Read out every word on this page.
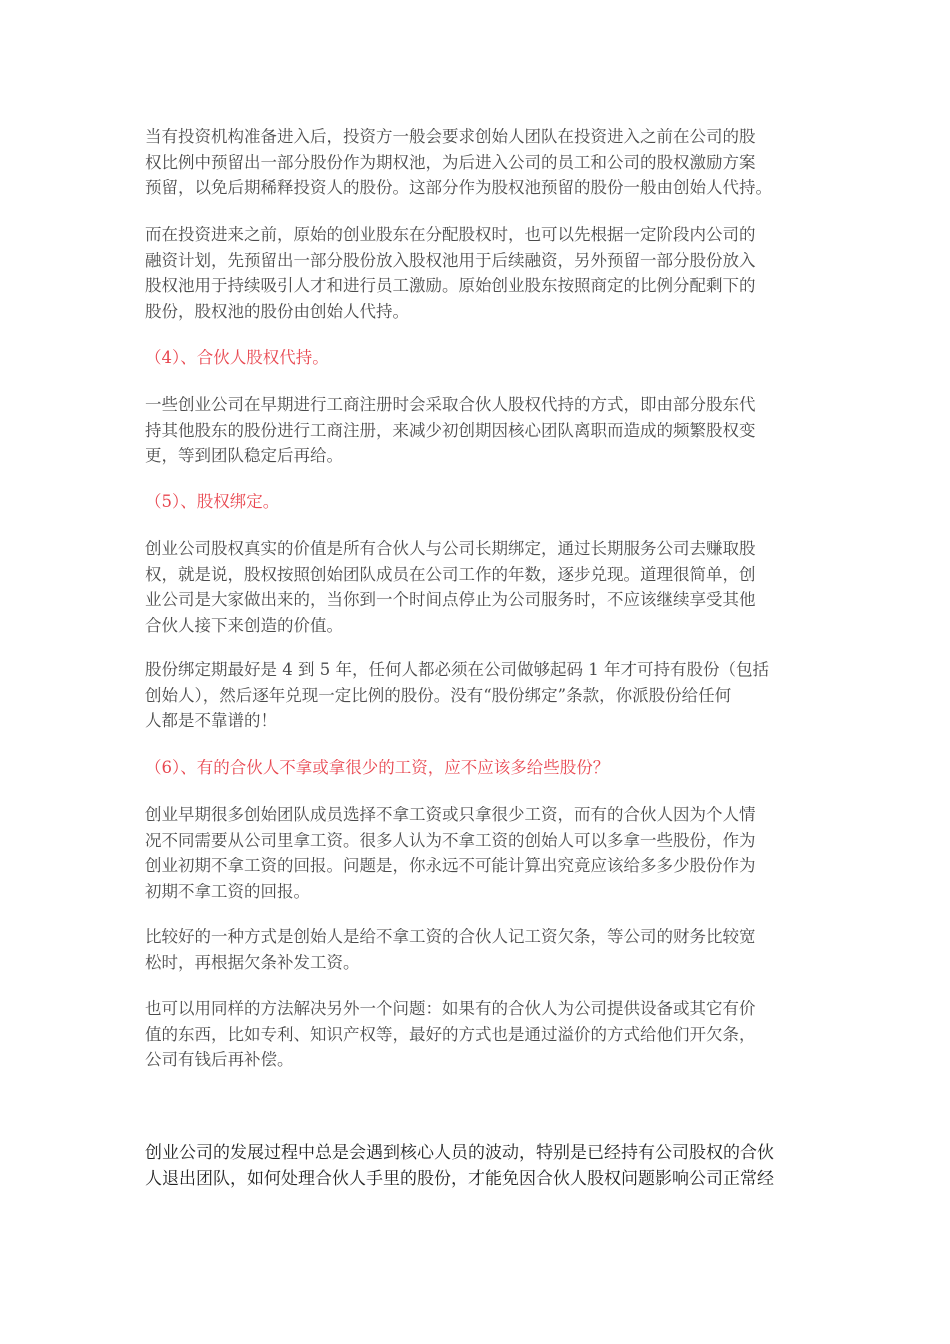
当有投资机构准备进入后，投资方一般会要求创始人团队在投资进入之前在公司的股
权比例中预留出一部分股份作为期权池，为后进入公司的员工和公司的股权激励方案
预留，以免后期稀释投资人的股份。这部分作为股权池预留的股份一般由创始人代持。

而在投资进来之前，原始的创业股东在分配股权时，也可以先根据一定阶段内公司的
融资计划，先预留出一部分股份放入股权池用于后续融资，另外预留一部分股份放入
股权池用于持续吸引人才和进行员工激励。原始创业股东按照商定的比例分配剩下的
股份，股权池的股份由创始人代持。

（4）、合伙人股权代持。

一些创业公司在早期进行工商注册时会采取合伙人股权代持的方式，即由部分股东代
持其他股东的股份进行工商注册，来减少初创期因核心团队离职而造成的频繁股权变
更，等到团队稳定后再给。

（5）、股权绑定。

创业公司股权真实的价值是所有合伙人与公司长期绑定，通过长期服务公司去赚取股
权，就是说，股权按照创始团队成员在公司工作的年数，逐步兑现。道理很简单，创
业公司是大家做出来的，当你到一个时间点停止为公司服务时，不应该继续享受其他
合伙人接下来创造的价值。

股份绑定期最好是 4 到 5 年，任何人都必须在公司做够起码 1 年才可持有股份（包括
创始人），然后逐年兑现一定比例的股份。没有“股份绑定”条款，你派股份给任何
人都是不靠谱的！

（6）、有的合伙人不拿或拿很少的工资，应不应该多给些股份？

创业早期很多创始团队成员选择不拿工资或只拿很少工资，而有的合伙人因为个人情
况不同需要从公司里拿工资。很多人认为不拿工资的创始人可以多拿一些股份，作为
创业初期不拿工资的回报。问题是，你永远不可能计算出究竟应该给多多少股份作为
初期不拿工资的回报。

比较好的一种方式是创始人是给不拿工资的合伙人记工资欠条，等公司的财务比较宽
松时，再根据欠条补发工资。

也可以用同样的方法解决另外一个问题：如果有的合伙人为公司提供设备或其它有价
值的东西，比如专利、知识产权等，最好的方式也是通过溢价的方式给他们开欠条，
公司有钱后再补偿。

创业公司的发展过程中总是会遇到核心人员的波动，特别是已经持有公司股权的合伙
人退出团队，如何处理合伙人手里的股份，才能免因合伙人股权问题影响公司正常经
